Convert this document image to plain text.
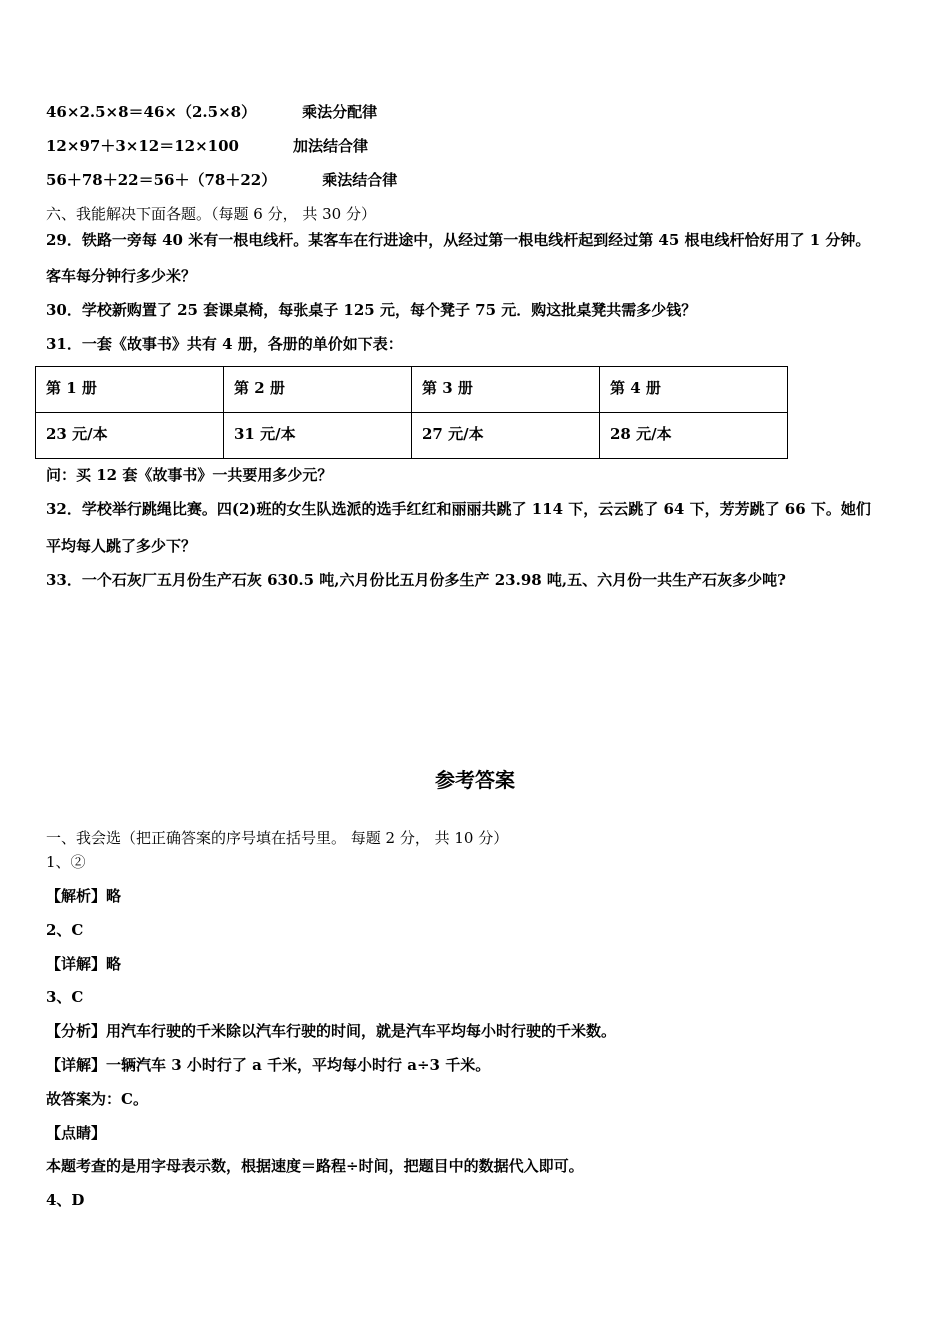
46×2.5×8＝46×（2.5×8）	乘法分配律
12×97＋3×12＝12×100	加法结合律
56＋78＋22＝56＋（78＋22）	乘法结合律
六、我能解决下面各题。（每题 6 分， 共 30 分）
29．铁路一旁每 40 米有一根电线杆。某客车在行进途中，从经过第一根电线杆起到经过第 45 根电线杆恰好用了 1 分钟。
客车每分钟行多少米？
30．学校新购置了 25 套课桌椅，每张桌子 125 元，每个凳子 75 元．购这批桌凳共需多少钱？
31．一套《故事书》共有 4 册，各册的单价如下表：
第 1 册	第 2 册	第 3 册	第 4 册
23 元/本	31 元/本	27 元/本	28 元/本
问：买 12 套《故事书》一共要用多少元？
32．学校举行跳绳比赛。四(2)班的女生队选派的选手红红和丽丽共跳了 114 下，云云跳了 64 下，芳芳跳了 66 下。她们
平均每人跳了多少下？
33．一个石灰厂五月份生产石灰 630.5 吨,六月份比五月份多生产 23.98 吨,五、六月份一共生产石灰多少吨?
参考答案
一、我会选（把正确答案的序号填在括号里。 每题 2 分， 共 10 分）
1、②
【解析】略
2、C
【详解】略
3、C
【分析】用汽车行驶的千米除以汽车行驶的时间，就是汽车平均每小时行驶的千米数。
【详解】一辆汽车 3 小时行了 a 千米，平均每小时行 a÷3 千米。
故答案为：C。
【点睛】
本题考查的是用字母表示数，根据速度＝路程÷时间，把题目中的数据代入即可。
4、D
